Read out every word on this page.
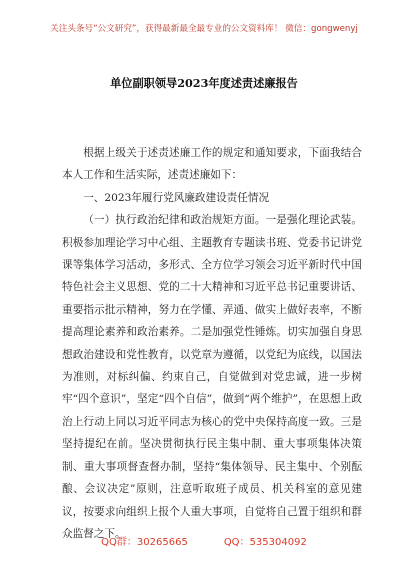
关注头条号“公文研究”，获得最新最全最专业的公文资料库！ 微信：gongwenyj
单位副职领导2023年度述责述廉报告

根据上级关于述责述廉工作的规定和通知要求，下面我结合本人工作和生活实际，述责述廉如下：

一、2023年履行党风廉政建设责任情况

（一）执行政治纪律和政治规矩方面。一是强化理论武装。积极参加理论学习中心组、主题教育专题读书班、党委书记讲党课等集体学习活动，多形式、全方位学习领会习近平新时代中国特色社会主义思想、党的二十大精神和习近平总书记重要讲话、重要指示批示精神，努力在学懂、弄通、做实上做好表率，不断提高理论素养和政治素养。二是加强党性锤炼。切实加强自身思想政治建设和党性教育，以党章为遵循，以党纪为底线，以国法为准则，对标纠偏、约束自己，自觉做到对党忠诚，进一步树牢“四个意识”，坚定“四个自信”，做到“两个维护”，在思想上政治上行动上同以习近平同志为核心的党中央保持高度一致。三是坚持提纪在前。坚决贯彻执行民主集中制、重大事项集体决策制、重大事项督查督办制，坚持“集体领导、民主集中、个别酝酿、会议决定”原则，注意听取班子成员、机关科室的意见建议，按要求向组织上报个人重大事项，自觉将自己置于组织和群众监督之下。

QQ群：30265665	QQ：535304092
